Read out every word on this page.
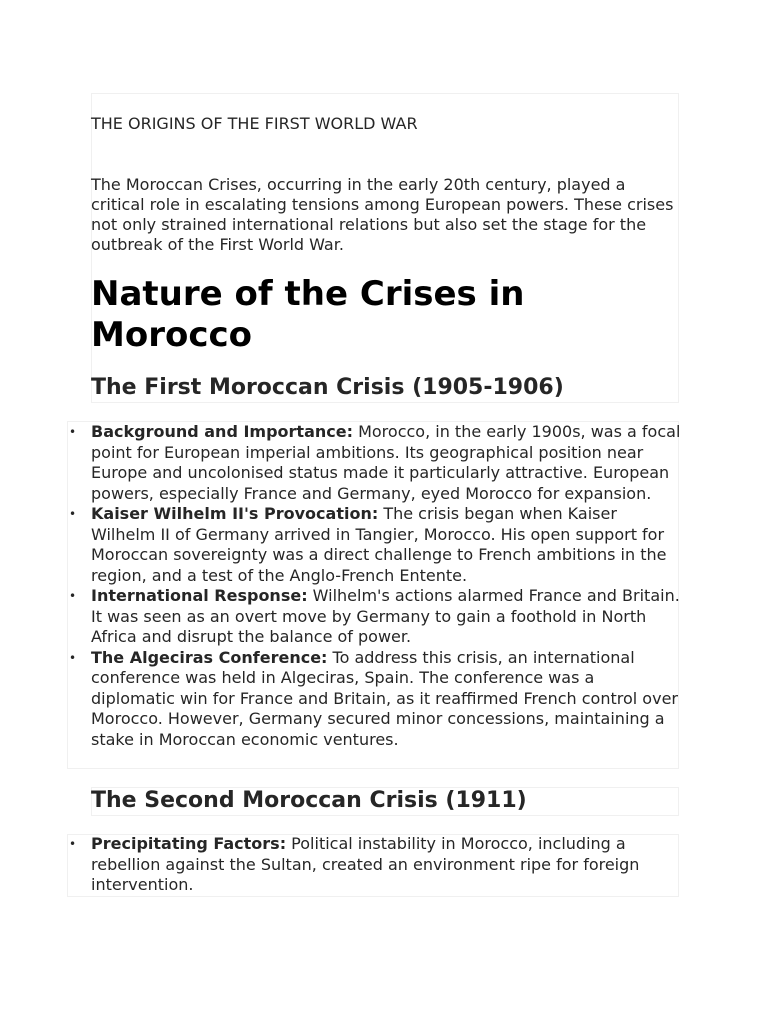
THE ORIGINS OF THE FIRST WORLD WAR

The Moroccan Crises, occurring in the early 20th century, played a critical role in escalating tensions among European powers. These crises not only strained international relations but also set the stage for the outbreak of the First World War.

Nature of the Crises in Morocco
The First Moroccan Crisis (1905-1906)
• Background and Importance: Morocco, in the early 1900s, was a focal point for European imperial ambitions. Its geographical position near Europe and uncolonised status made it particularly attractive. European powers, especially France and Germany, eyed Morocco for expansion.
• Kaiser Wilhelm II's Provocation: The crisis began when Kaiser Wilhelm II of Germany arrived in Tangier, Morocco. His open support for Moroccan sovereignty was a direct challenge to French ambitions in the region, and a test of the Anglo-French Entente.
• International Response: Wilhelm's actions alarmed France and Britain. It was seen as an overt move by Germany to gain a foothold in North Africa and disrupt the balance of power.
• The Algeciras Conference: To address this crisis, an international conference was held in Algeciras, Spain. The conference was a diplomatic win for France and Britain, as it reaffirmed French control over Morocco. However, Germany secured minor concessions, maintaining a stake in Moroccan economic ventures.
The Second Moroccan Crisis (1911)
• Precipitating Factors: Political instability in Morocco, including a rebellion against the Sultan, created an environment ripe for foreign intervention.
